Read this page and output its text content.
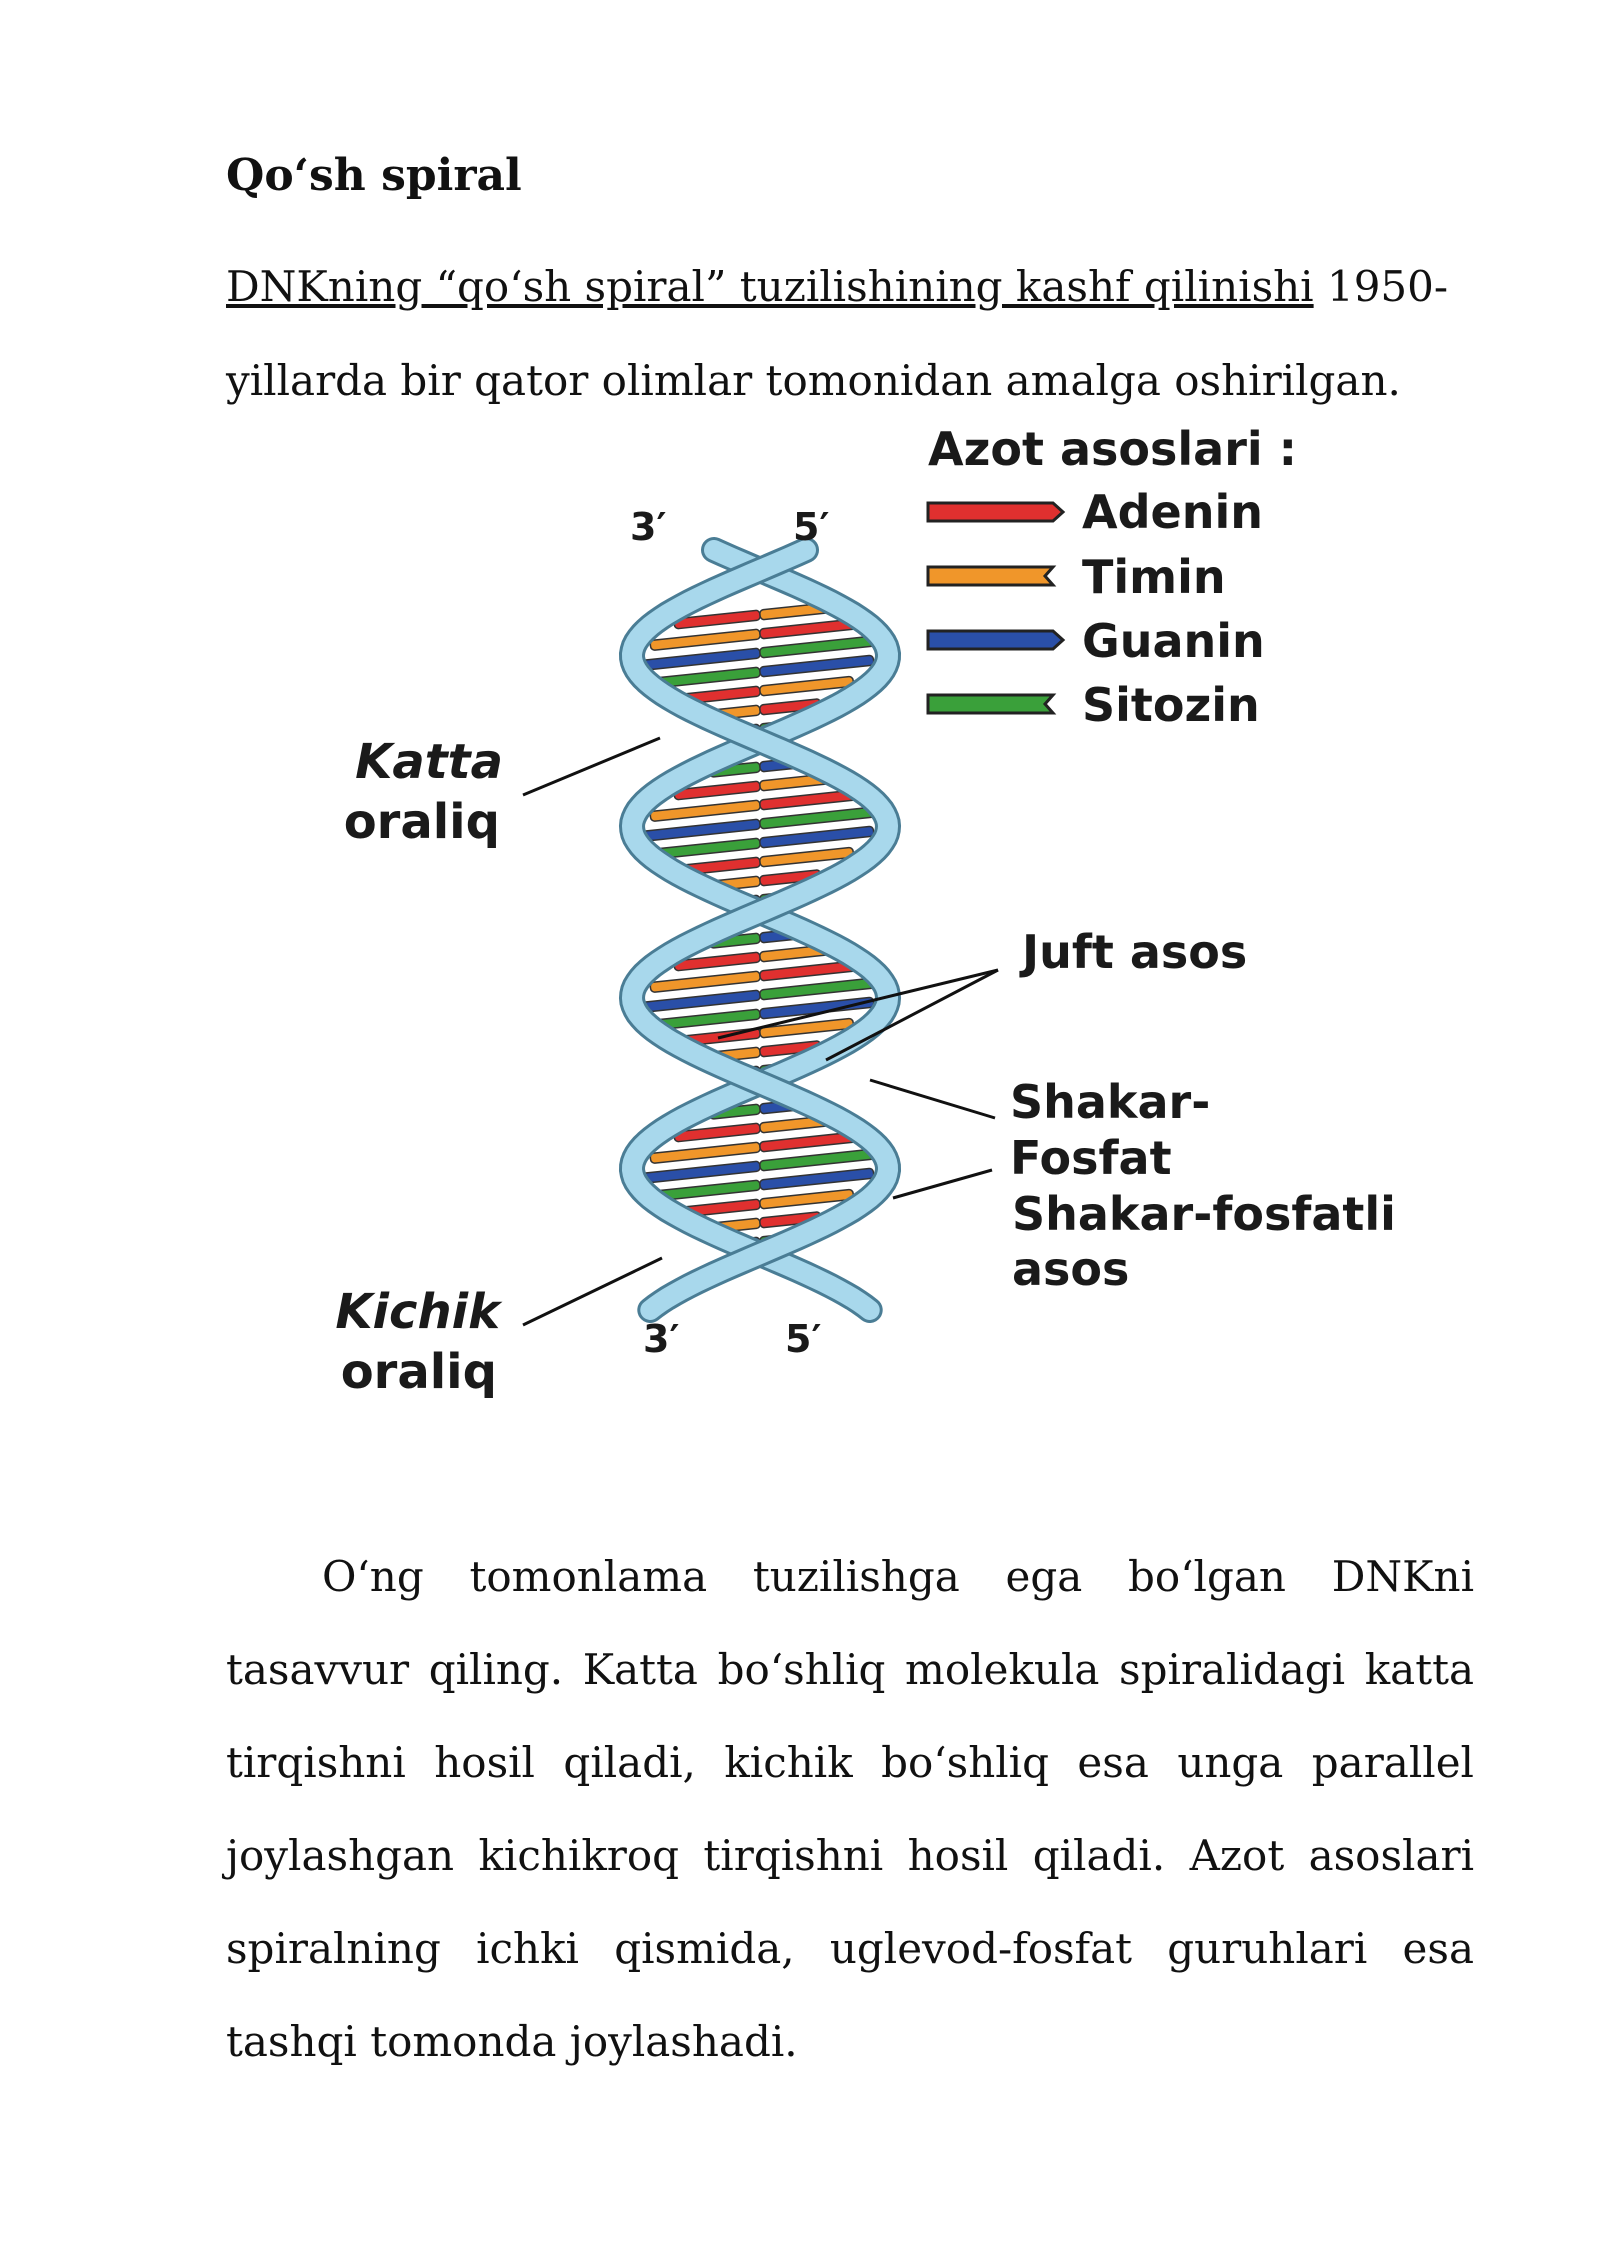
Qo‘sh spiral
DNKning “qo‘sh spiral” tuzilishining kashf qilinishi 1950-yillarda bir qator olimlar tomonidan amalga oshirilgan.
Azot asoslari :
Adenin
Timin
Guanin
Sitozin
3′	5′
3′	5′
Katta
oraliq
Kichik
oraliq
Juft asos
Shakar-
Fosfat
Shakar-fosfatli
asos
O‘ng tomonlama tuzilishga ega bo‘lgan DNKni tasavvur qiling. Katta bo‘shliq molekula spiralidagi katta tirqishni hosil qiladi, kichik bo‘shliq esa unga parallel joylashgan kichikroq tirqishni hosil qiladi. Azot asoslari spiralning ichki qismida, uglevod-fosfat guruhlari esa tashqi tomonda joylashadi.
